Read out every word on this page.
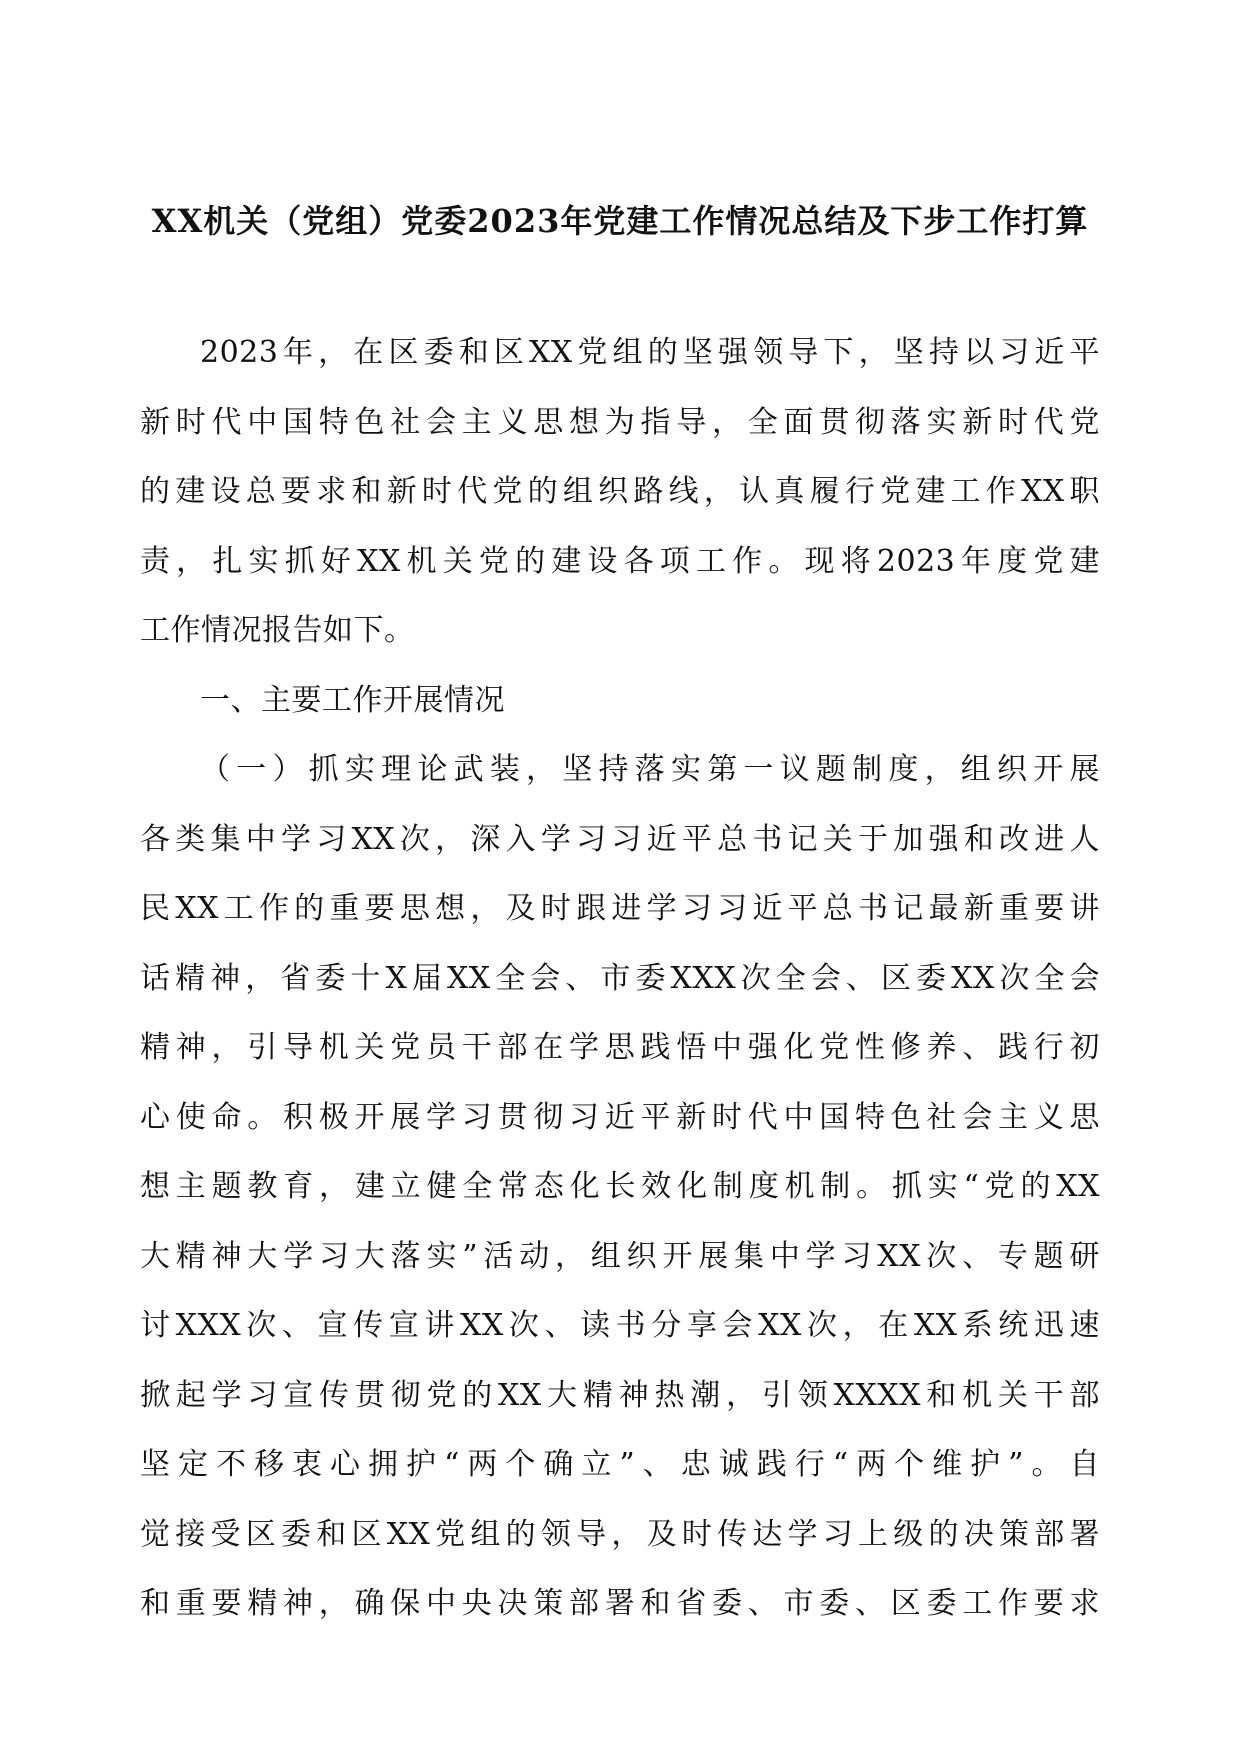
XX机关（党组）党委2023年党建工作情况总结及下步工作打算
2023年，在区委和区XX党组的坚强领导下，坚持以习近平
新时代中国特色社会主义思想为指导，全面贯彻落实新时代党
的建设总要求和新时代党的组织路线，认真履行党建工作XX职
责，扎实抓好XX机关党的建设各项工作。现将2023年度党建
工作情况报告如下。
一、主要工作开展情况
（一）抓实理论武装，坚持落实第一议题制度，组织开展
各类集中学习XX次，深入学习习近平总书记关于加强和改进人
民XX工作的重要思想，及时跟进学习习近平总书记最新重要讲
话精神，省委十X届XX全会、市委XXX次全会、区委XX次全会
精神，引导机关党员干部在学思践悟中强化党性修养、践行初
心使命。积极开展学习贯彻习近平新时代中国特色社会主义思
想主题教育，建立健全常态化长效化制度机制。抓实“党的XX
大精神大学习大落实”活动，组织开展集中学习XX次、专题研
讨XXX次、宣传宣讲XX次、读书分享会XX次，在XX系统迅速
掀起学习宣传贯彻党的XX大精神热潮，引领XXXX和机关干部
坚定不移衷心拥护“两个确立”、忠诚践行“两个维护”。自
觉接受区委和区XX党组的领导，及时传达学习上级的决策部署
和重要精神，确保中央决策部署和省委、市委、区委工作要求
